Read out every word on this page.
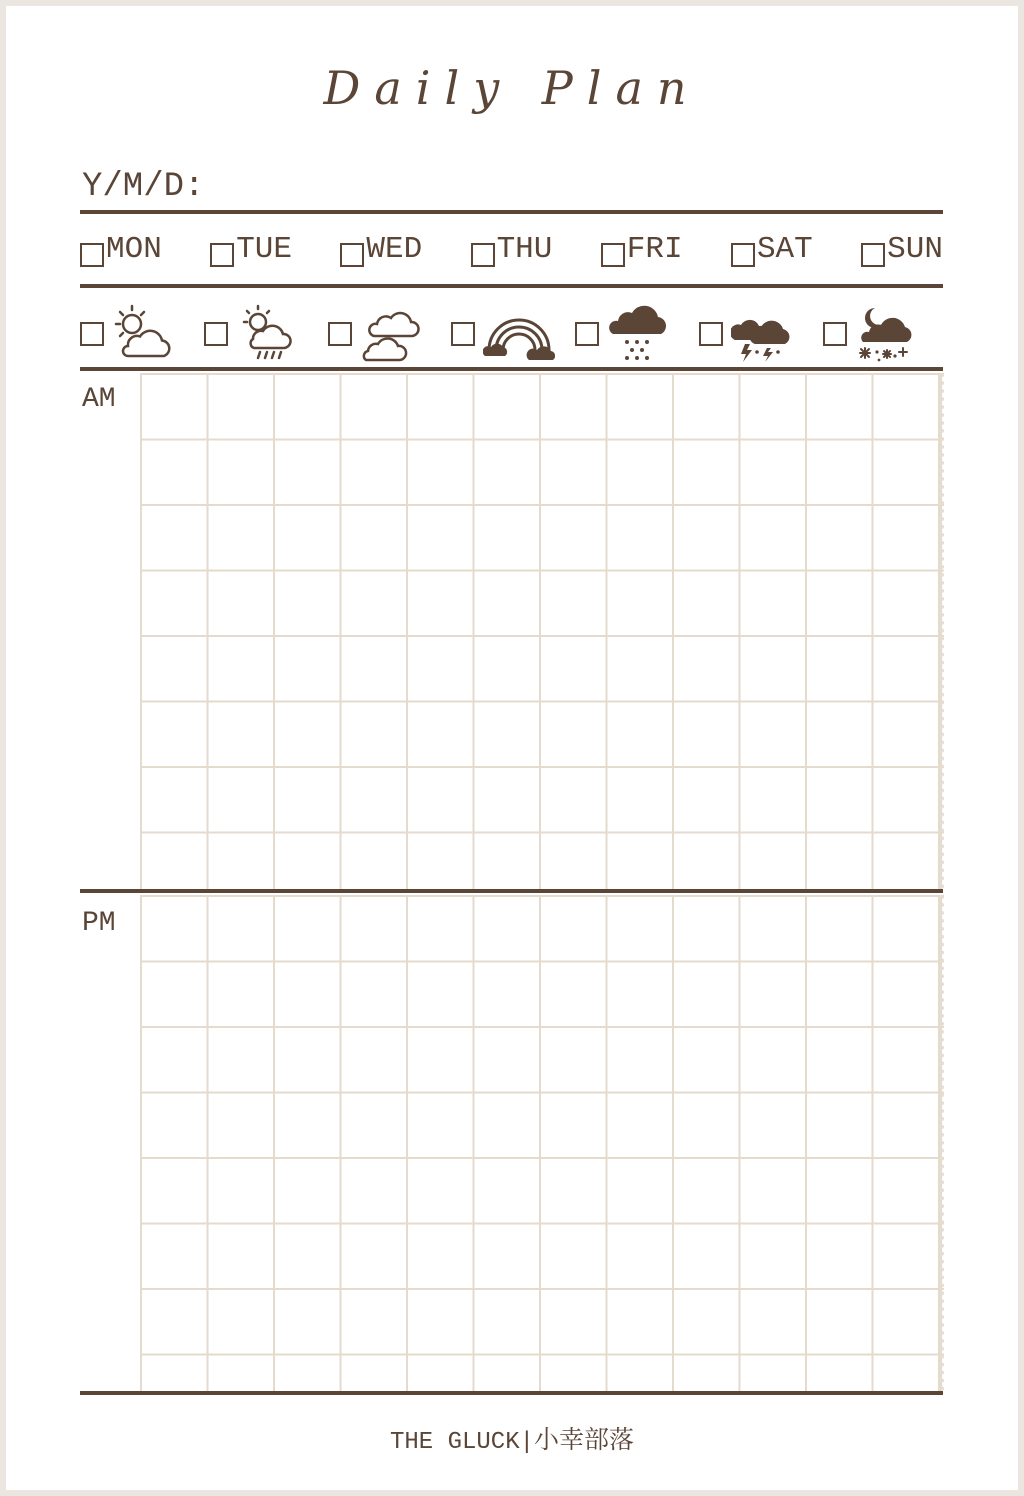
Daily Plan
Y/M/D:
MON TUE WED THU FRI SAT SUN
AM
PM
THE GLUCK|小幸部落
